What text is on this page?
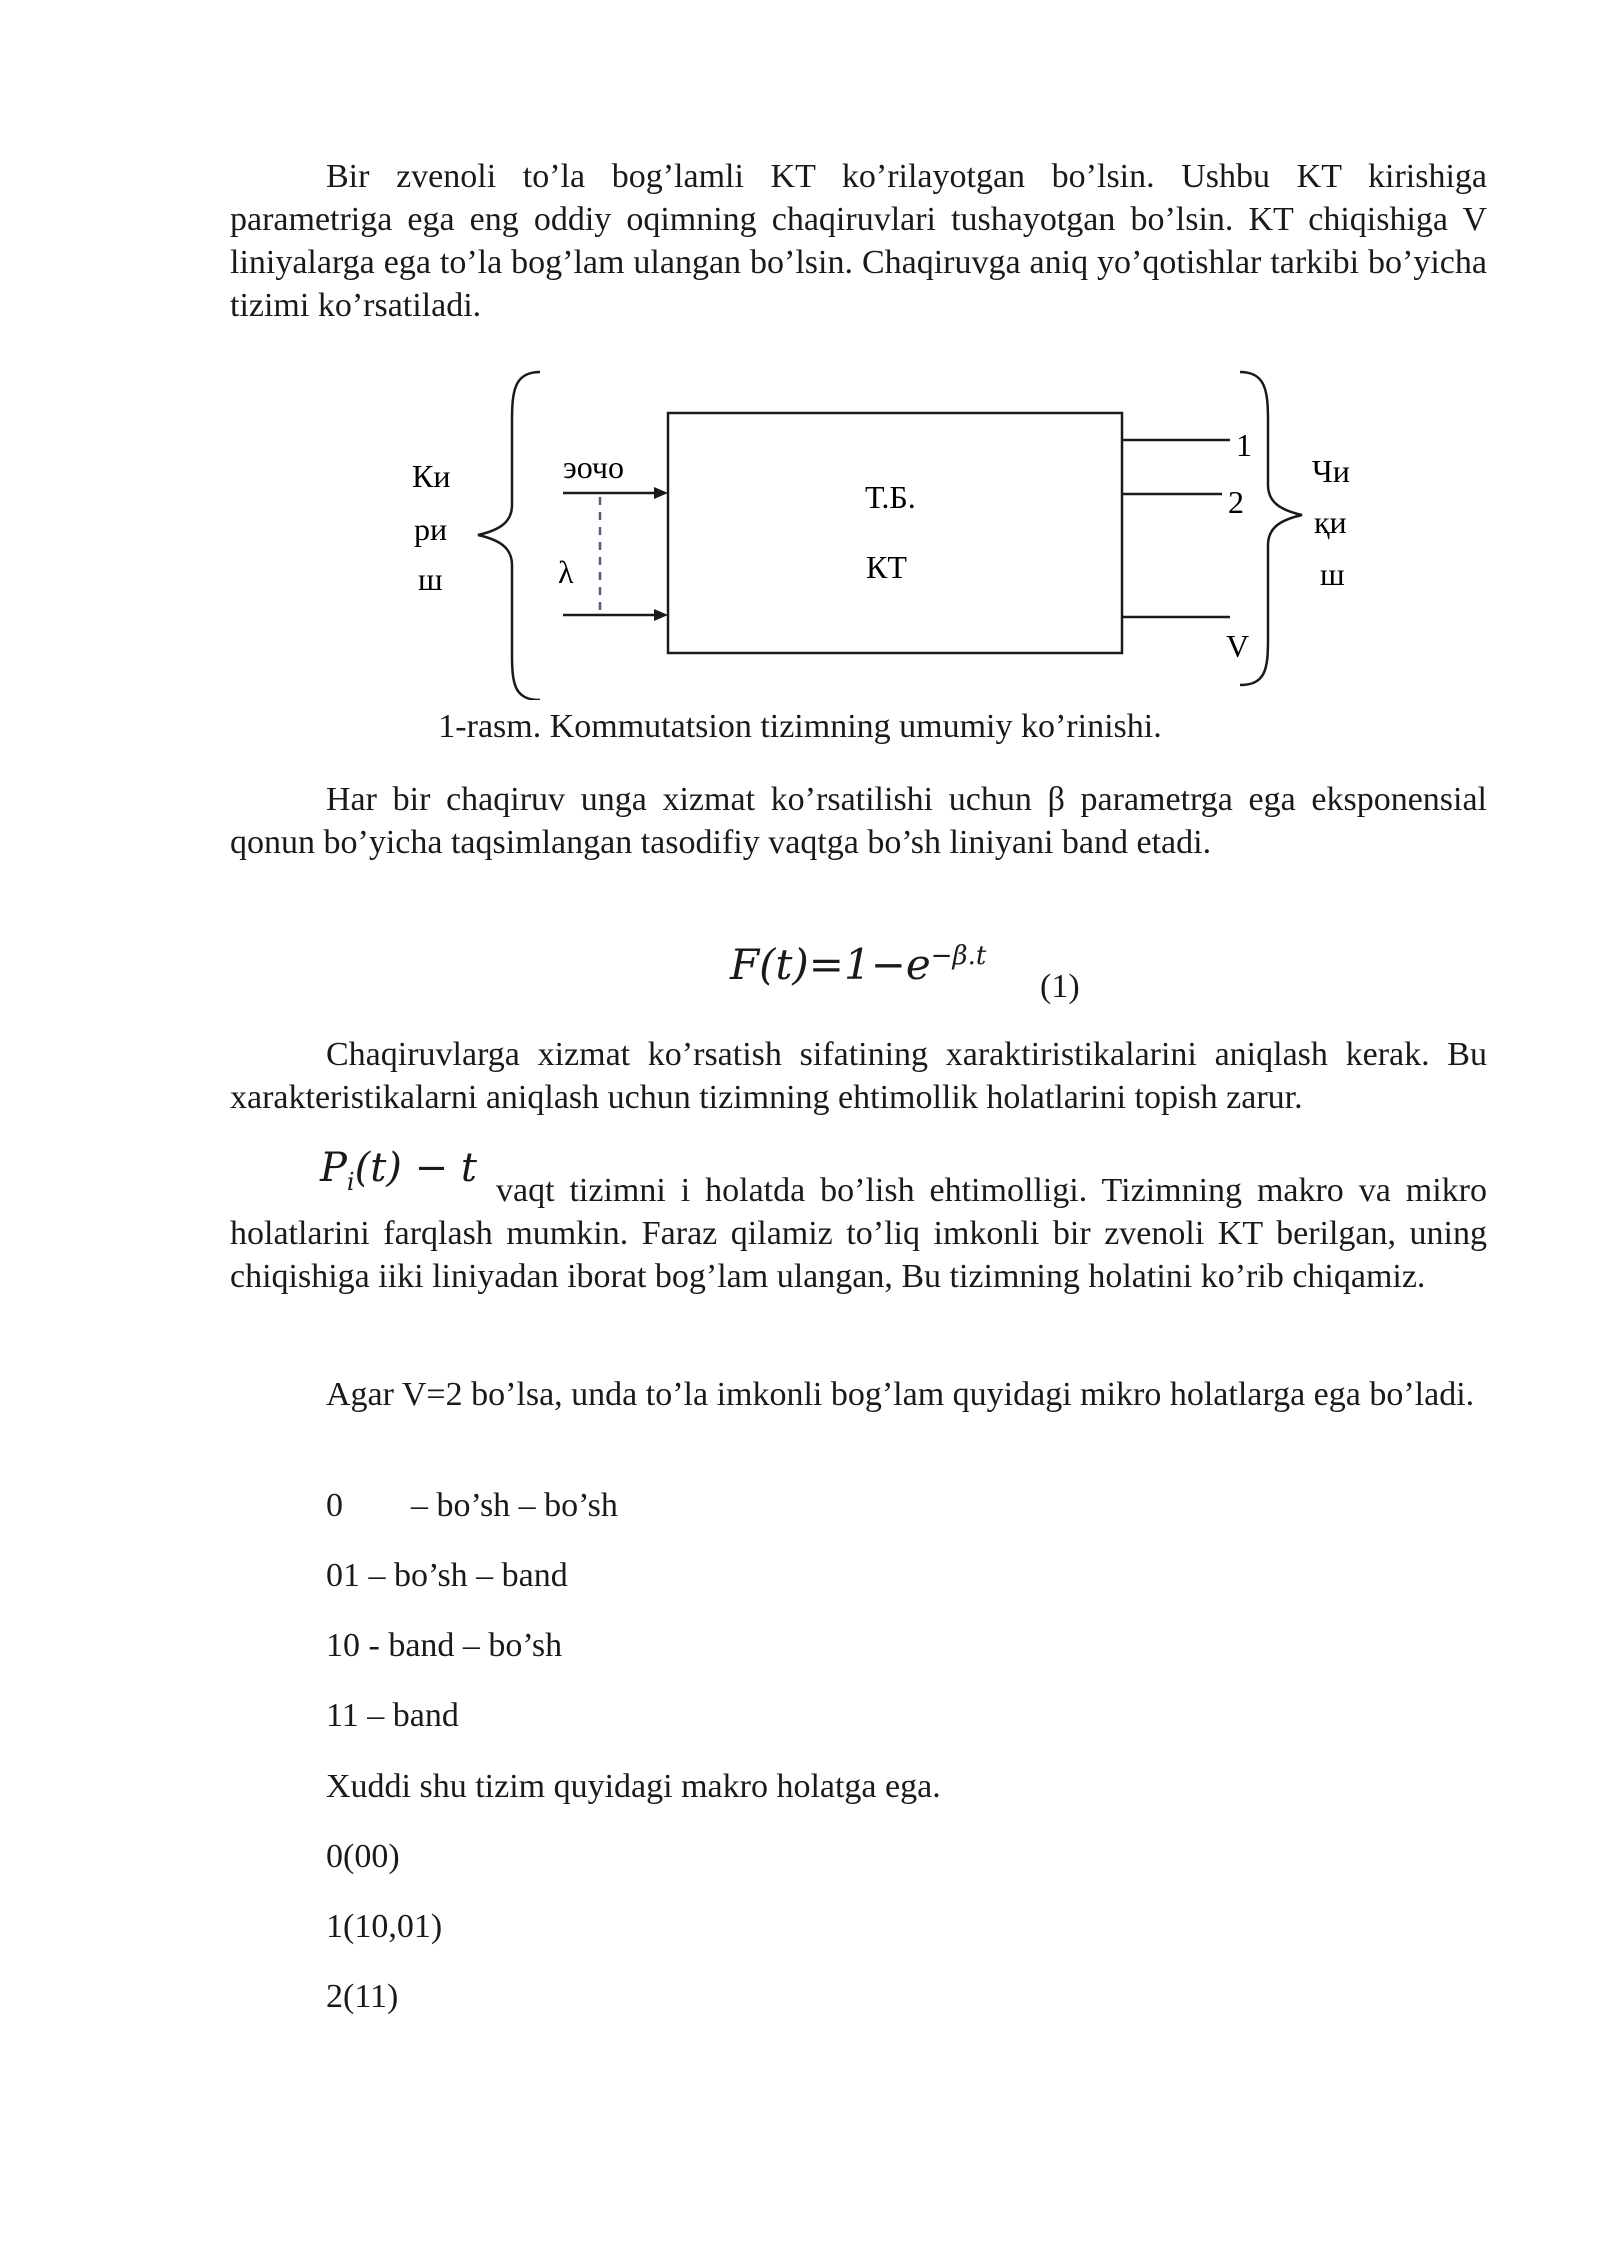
Bir zvenoli to’la bog’lamli KT ko’rilayotgan bo’lsin. Ushbu KT kirishiga parametriga ega eng oddiy oqimning chaqiruvlari tushayotgan bo’lsin. KT chiqishiga V liniyalarga ega to’la bog’lam ulangan bo’lsin. Chaqiruvga aniq yo’qotishlar tarkibi bo’yicha tizimi ko’rsatiladi.
Ки
ри
ш
эочо
λ
Т.Б.
КТ
1
2
V
Чи
қи
ш
1-rasm. Kommutatsion tizimning umumiy ko’rinishi.
Har bir chaqiruv unga xizmat ko’rsatilishi uchun β parametrga ega eksponensial qonun bo’yicha taqsimlangan tasodifiy vaqtga bo’sh liniyani band etadi.
$F(t)=1-e^{-\beta.t}$
(1)
Chaqiruvlarga xizmat ko’rsatish sifatining xaraktiristikalarini aniqlash kerak. Bu xarakteristikalarni aniqlash uchun tizimning ehtimollik holatlarini topish zarur.
$P_i(t) - t$ vaqt tizimni i holatda bo’lish ehtimolligi. Tizimning makro va mikro holatlarini farqlash mumkin. Faraz qilamiz to’liq imkonli bir zvenoli KT berilgan, uning chiqishiga iiki liniyadan iborat bog’lam ulangan, Bu tizimning holatini ko’rib chiqamiz.
Agar V=2 bo’lsa, unda to’la imkonli bog’lam quyidagi mikro holatlarga ega bo’ladi.
0        – bo’sh – bo’sh
01 – bo’sh – band
10 - band – bo’sh
11 – band
Xuddi shu tizim quyidagi makro holatga ega.
0(00)
1(10,01)
2(11)
